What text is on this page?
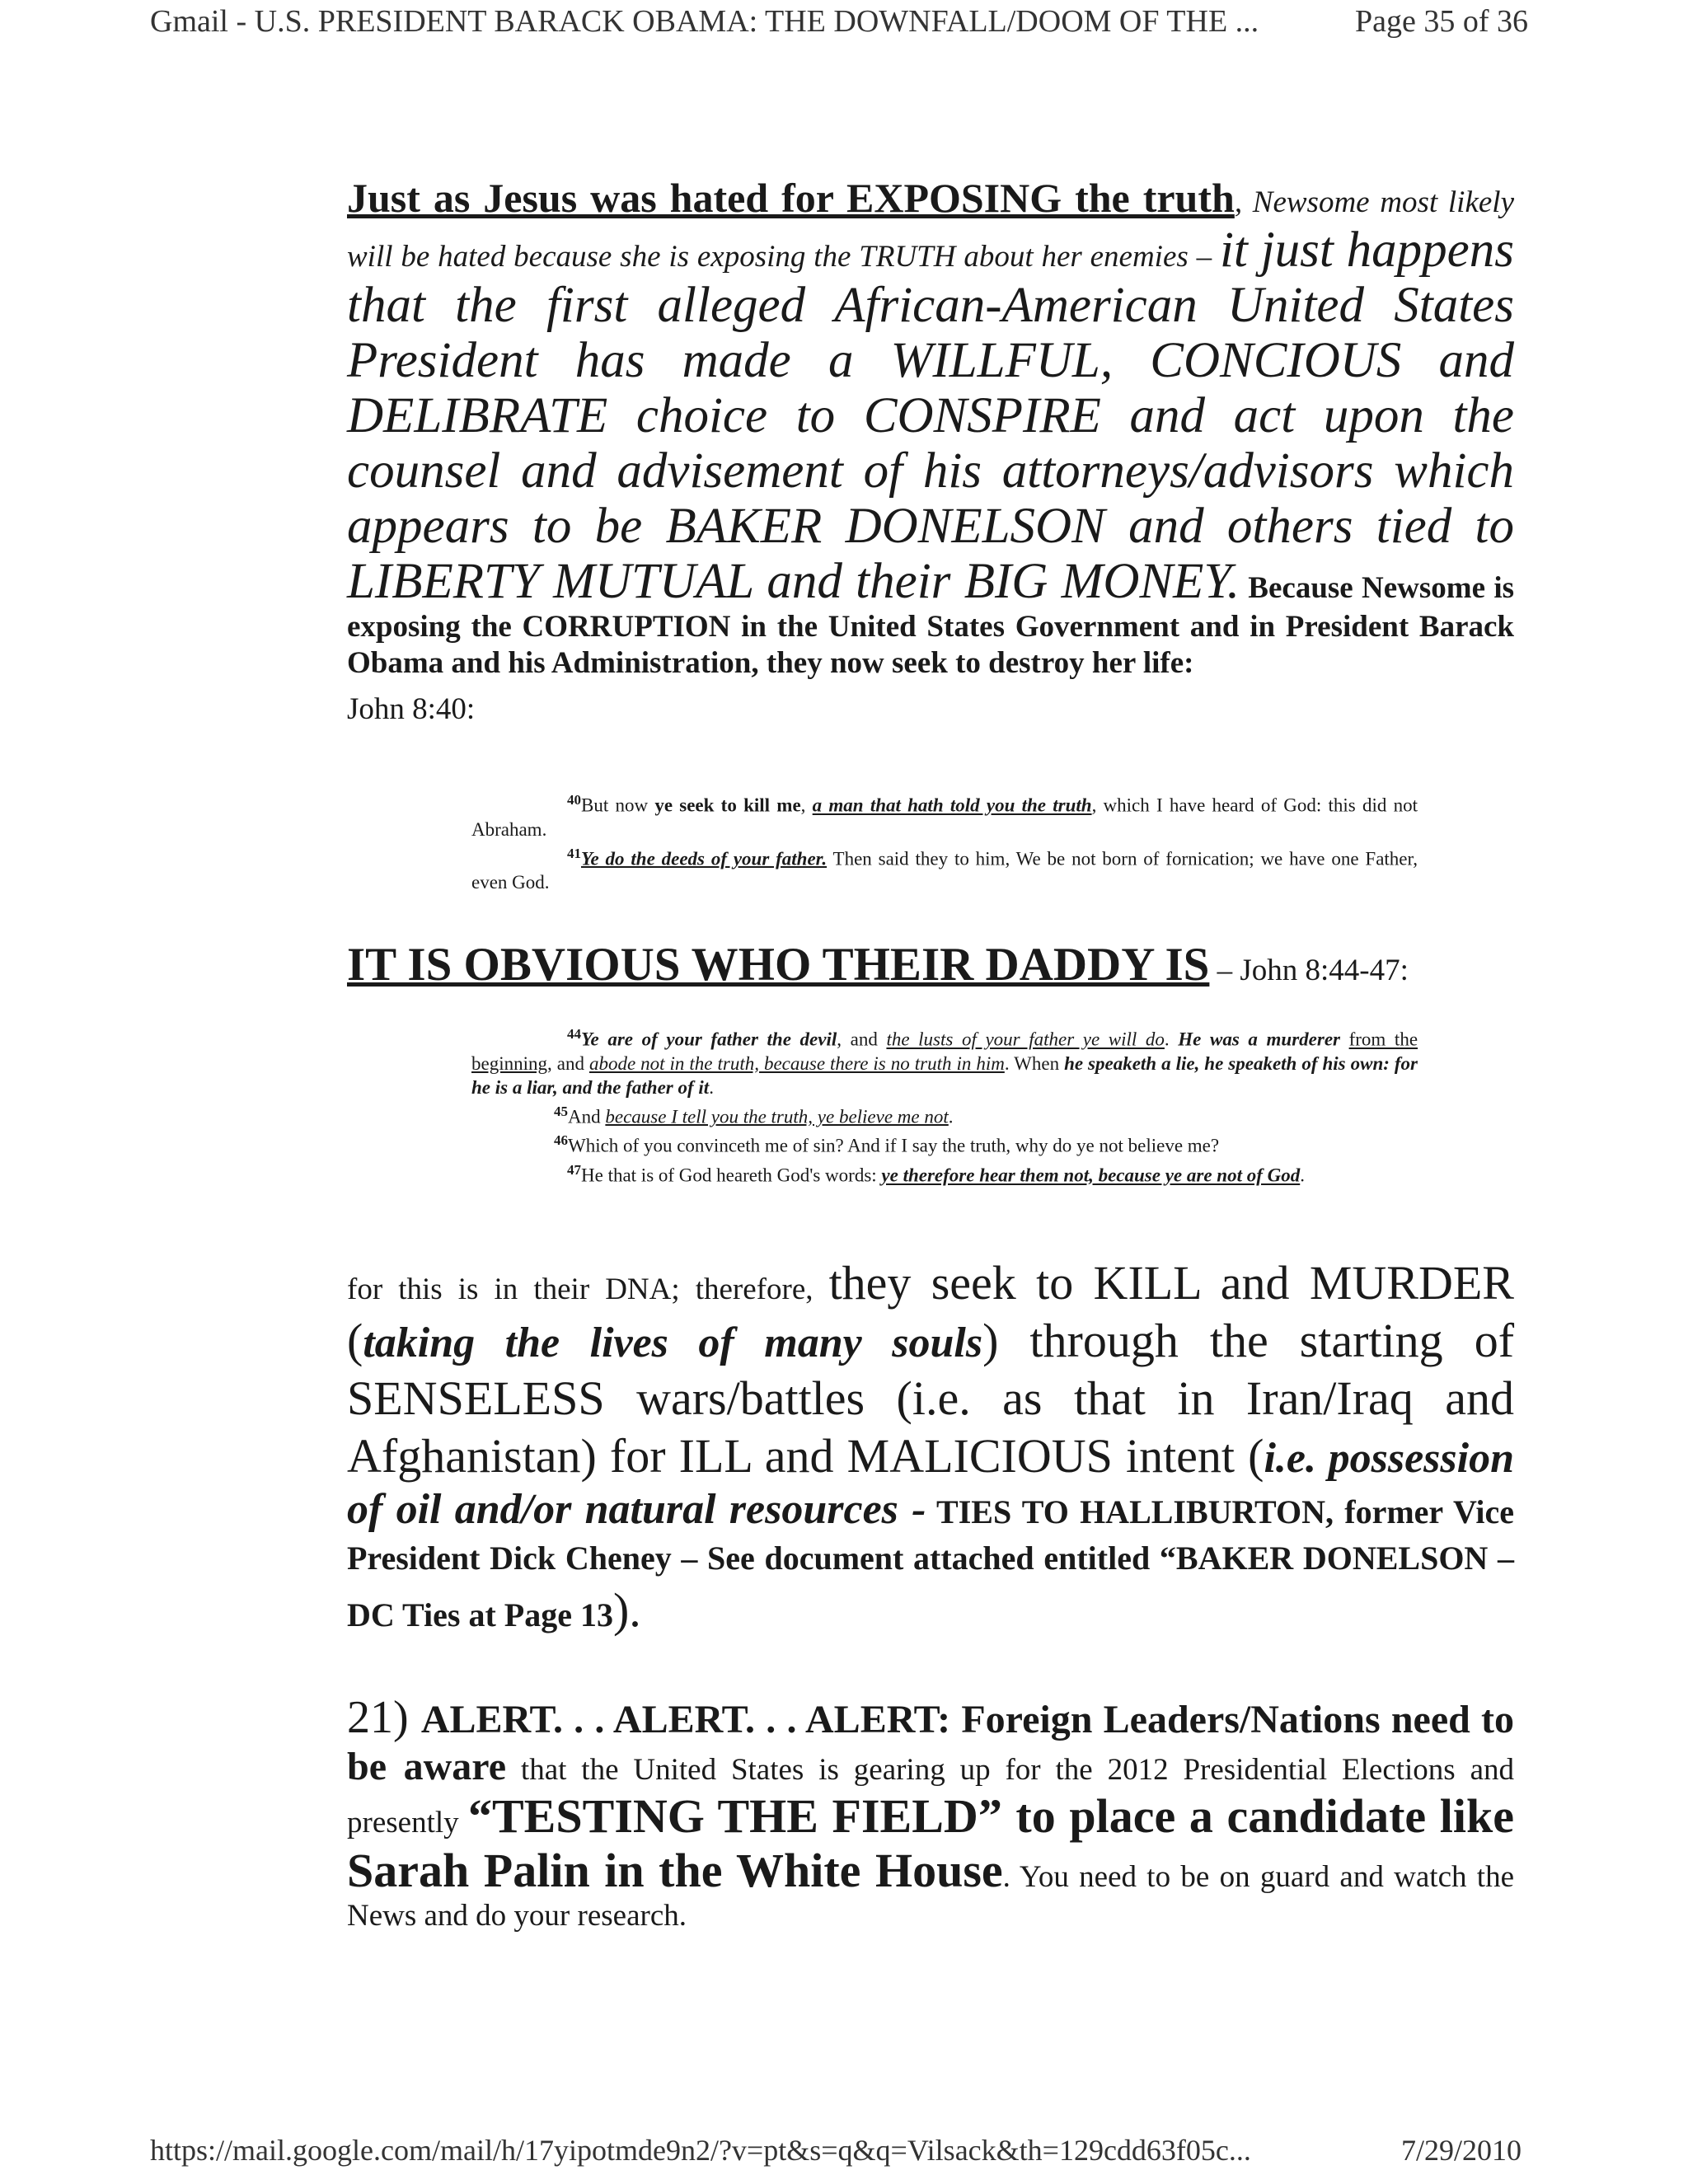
Gmail - U.S. PRESIDENT BARACK OBAMA: THE DOWNFALL/DOOM OF THE ...	Page 35 of 36
Just as Jesus was hated for EXPOSING the truth, Newsome most likely will be hated because she is exposing the TRUTH about her enemies – it just happens that the first alleged African-American United States President has made a WILLFUL, CONCIOUS and DELIBRATE choice to CONSPIRE and act upon the counsel and advisement of his attorneys/advisors which appears to be BAKER DONELSON and others tied to LIBERTY MUTUAL and their BIG MONEY. Because Newsome is exposing the CORRUPTION in the United States Government and in President Barack Obama and his Administration, they now seek to destroy her life:
John 8:40:

$^{40}$But now ye seek to kill me, a man that hath told you the truth, which I have heard of God: this did not Abraham.

$^{41}$Ye do the deeds of your father. Then said they to him, We be not born of fornication; we have one Father, even God.

IT IS OBVIOUS WHO THEIR DADDY IS – John 8:44-47:

$^{44}$Ye are of your father the devil, and the lusts of your father ye will do. He was a murderer from the beginning, and abode not in the truth, because there is no truth in him. When he speaketh a lie, he speaketh of his own: for he is a liar, and the father of it.

$^{45}$And because I tell you the truth, ye believe me not.

$^{46}$Which of you convinceth me of sin? And if I say the truth, why do ye not believe me?

$^{47}$He that is of God heareth God's words: ye therefore hear them not, because ye are not of God.

for this is in their DNA; therefore, they seek to KILL and MURDER (taking the lives of many souls) through the starting of SENSELESS wars/battles (i.e. as that in Iran/Iraq and Afghanistan) for ILL and MALICIOUS intent (i.e. possession of oil and/or natural resources - TIES TO HALLIBURTON, former Vice President Dick Cheney – See document attached entitled “BAKER DONELSON – DC Ties at Page 13).
21) ALERT. . . ALERT. . . ALERT: Foreign Leaders/Nations need to be aware that the United States is gearing up for the 2012 Presidential Elections and presently “TESTING THE FIELD” to place a candidate like Sarah Palin in the White House. You need to be on guard and watch the News and do your research.
https://mail.google.com/mail/h/17yipotmde9n2/?v=pt&s=q&q=Vilsack&th=129cdd63f05c...	7/29/2010
